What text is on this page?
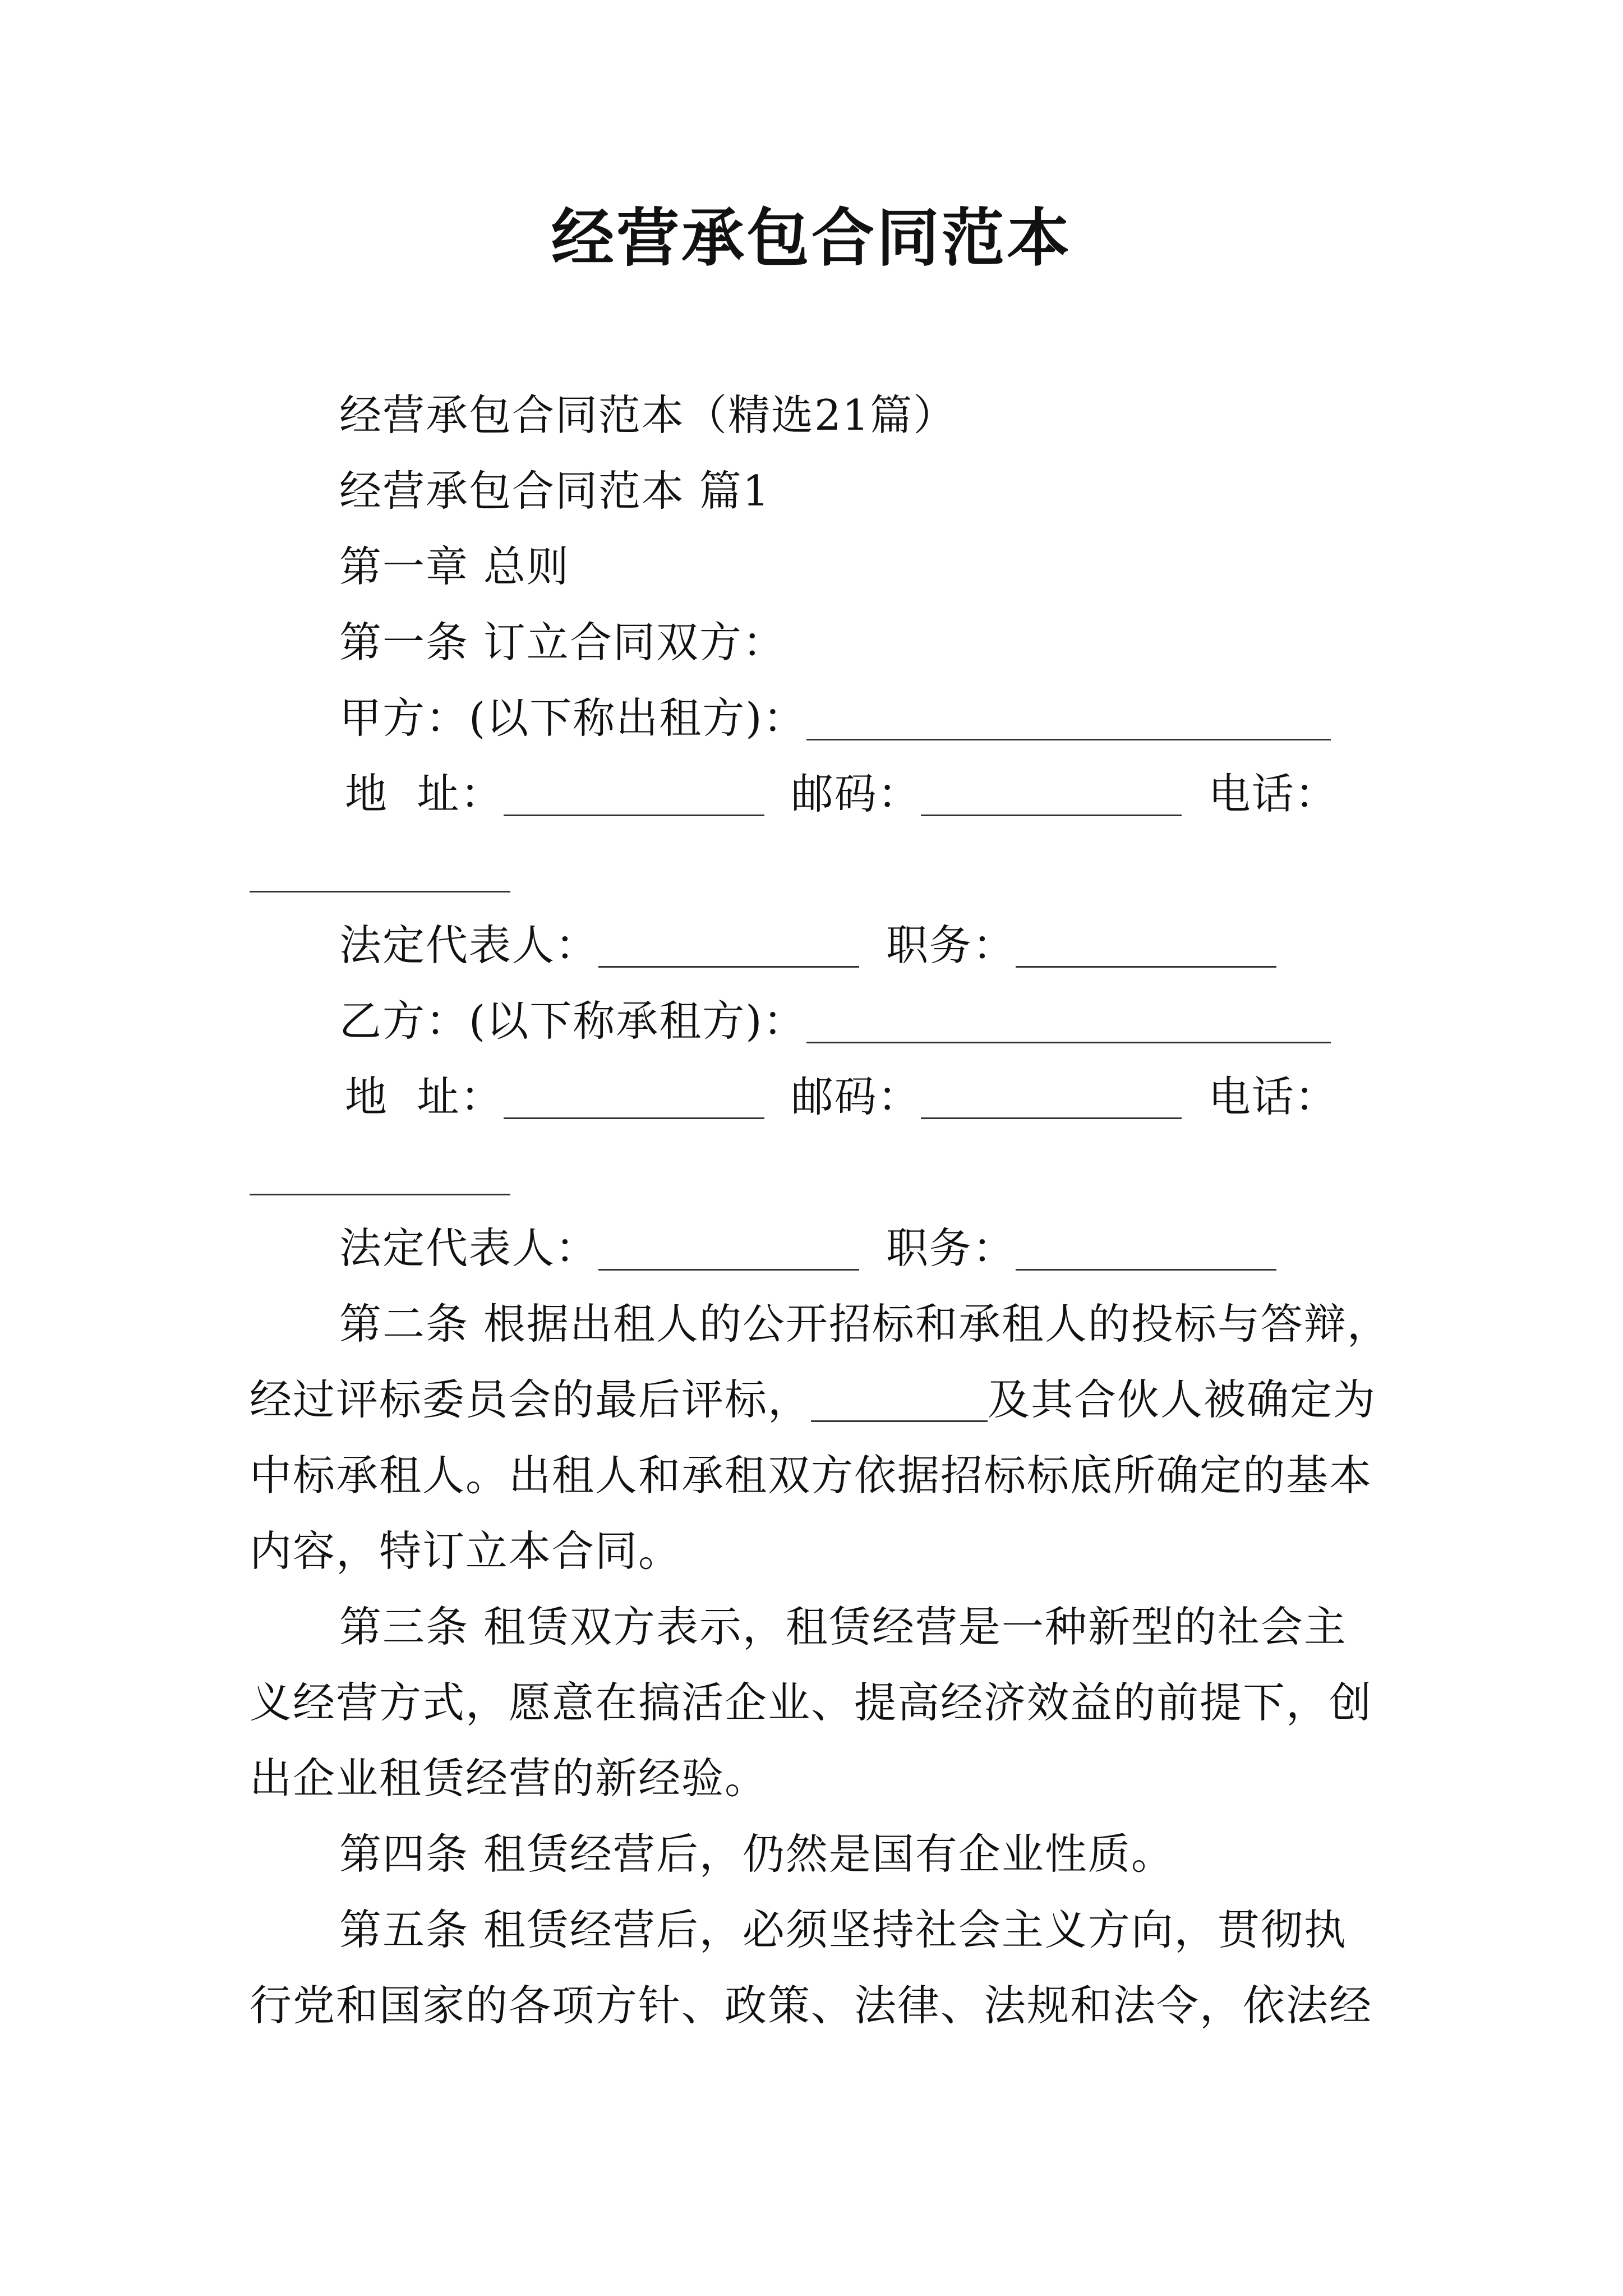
经营承包合同范本
经营承包合同范本（精选21篇）
经营承包合同范本 篇1
第一章 总则
第一条 订立合同双方：
甲方：(以下称出租方)：
地  址：	邮码：	电话：
法定代表人：	职务：
乙方：(以下称承租方)：
地  址：	邮码：	电话：
法定代表人：	职务：
第二条 根据出租人的公开招标和承租人的投标与答辩，
经过评标委员会的最后评标，	及其合伙人被确定为
中标承租人。出租人和承租双方依据招标标底所确定的基本
内容，特订立本合同。
第三条 租赁双方表示，租赁经营是一种新型的社会主
义经营方式，愿意在搞活企业、提高经济效益的前提下，创
出企业租赁经营的新经验。
第四条 租赁经营后，仍然是国有企业性质。
第五条 租赁经营后，必须坚持社会主义方向，贯彻执
行党和国家的各项方针、政策、法律、法规和法令，依法经
